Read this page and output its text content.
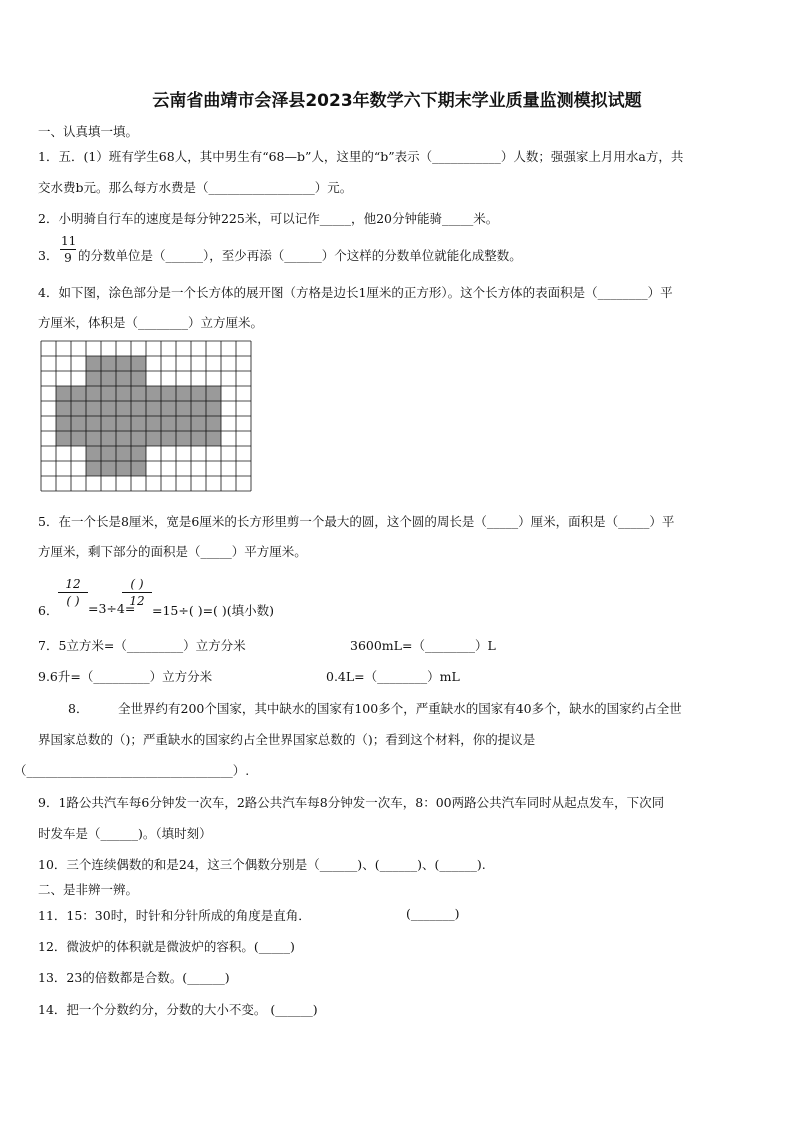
云南省曲靖市会泽县2023年数学六下期末学业质量监测模拟试题
一、认真填一填。
1．五．(1）班有学生68人，其中男生有“68—b”人，这里的“b”表示（___________）人数；强强家上月用水a方，共
交水费b元。那么每方水费是（_________________）元。
2．小明骑自行车的速度是每分钟225米，可以记作_____，他20分钟能骑_____米。
3．
11
9 的分数单位是（______），至少再添（______）个这样的分数单位就能化成整数。
4．如下图，涂色部分是一个长方体的展开图（方格是边长1厘米的正方形）。这个长方体的表面积是（________）平
方厘米，体积是（________）立方厘米。
5．在一个长是8厘米，宽是6厘米的长方形里剪一个最大的圆，这个圆的周长是（_____）厘米，面积是（_____）平
方厘米，剩下部分的面积是（_____）平方厘米。
6．
12
( ) =3÷4=
( )
12
=15÷( )=( )(填小数)
7．5立方米=（_________）立方分米	3600mL=（________）L
9.6升=（_________）立方分米	0.4L=（________）mL
8． 全世界约有200个国家，其中缺水的国家有100多个，严重缺水的国家有40多个，缺水的国家约占全世
界国家总数的（)；严重缺水的国家约占全世界国家总数的（)；看到这个材料，你的提议是
（_________________________________）.
9．1路公共汽车每6分钟发一次车，2路公共汽车每8分钟发一次车，8：00两路公共汽车同时从起点发车，下次同
时发车是（______)。（填时刻）
10．三个连续偶数的和是24，这三个偶数分别是（______)、(______)、(______).
二、是非辨一辨。
11．15：30时，时针和分针所成的角度是直角．	(_______)
12．微波炉的体积就是微波炉的容积。(_____)
13．23的倍数都是合数。(______)
14．把一个分数约分，分数的大小不变。 (______)
